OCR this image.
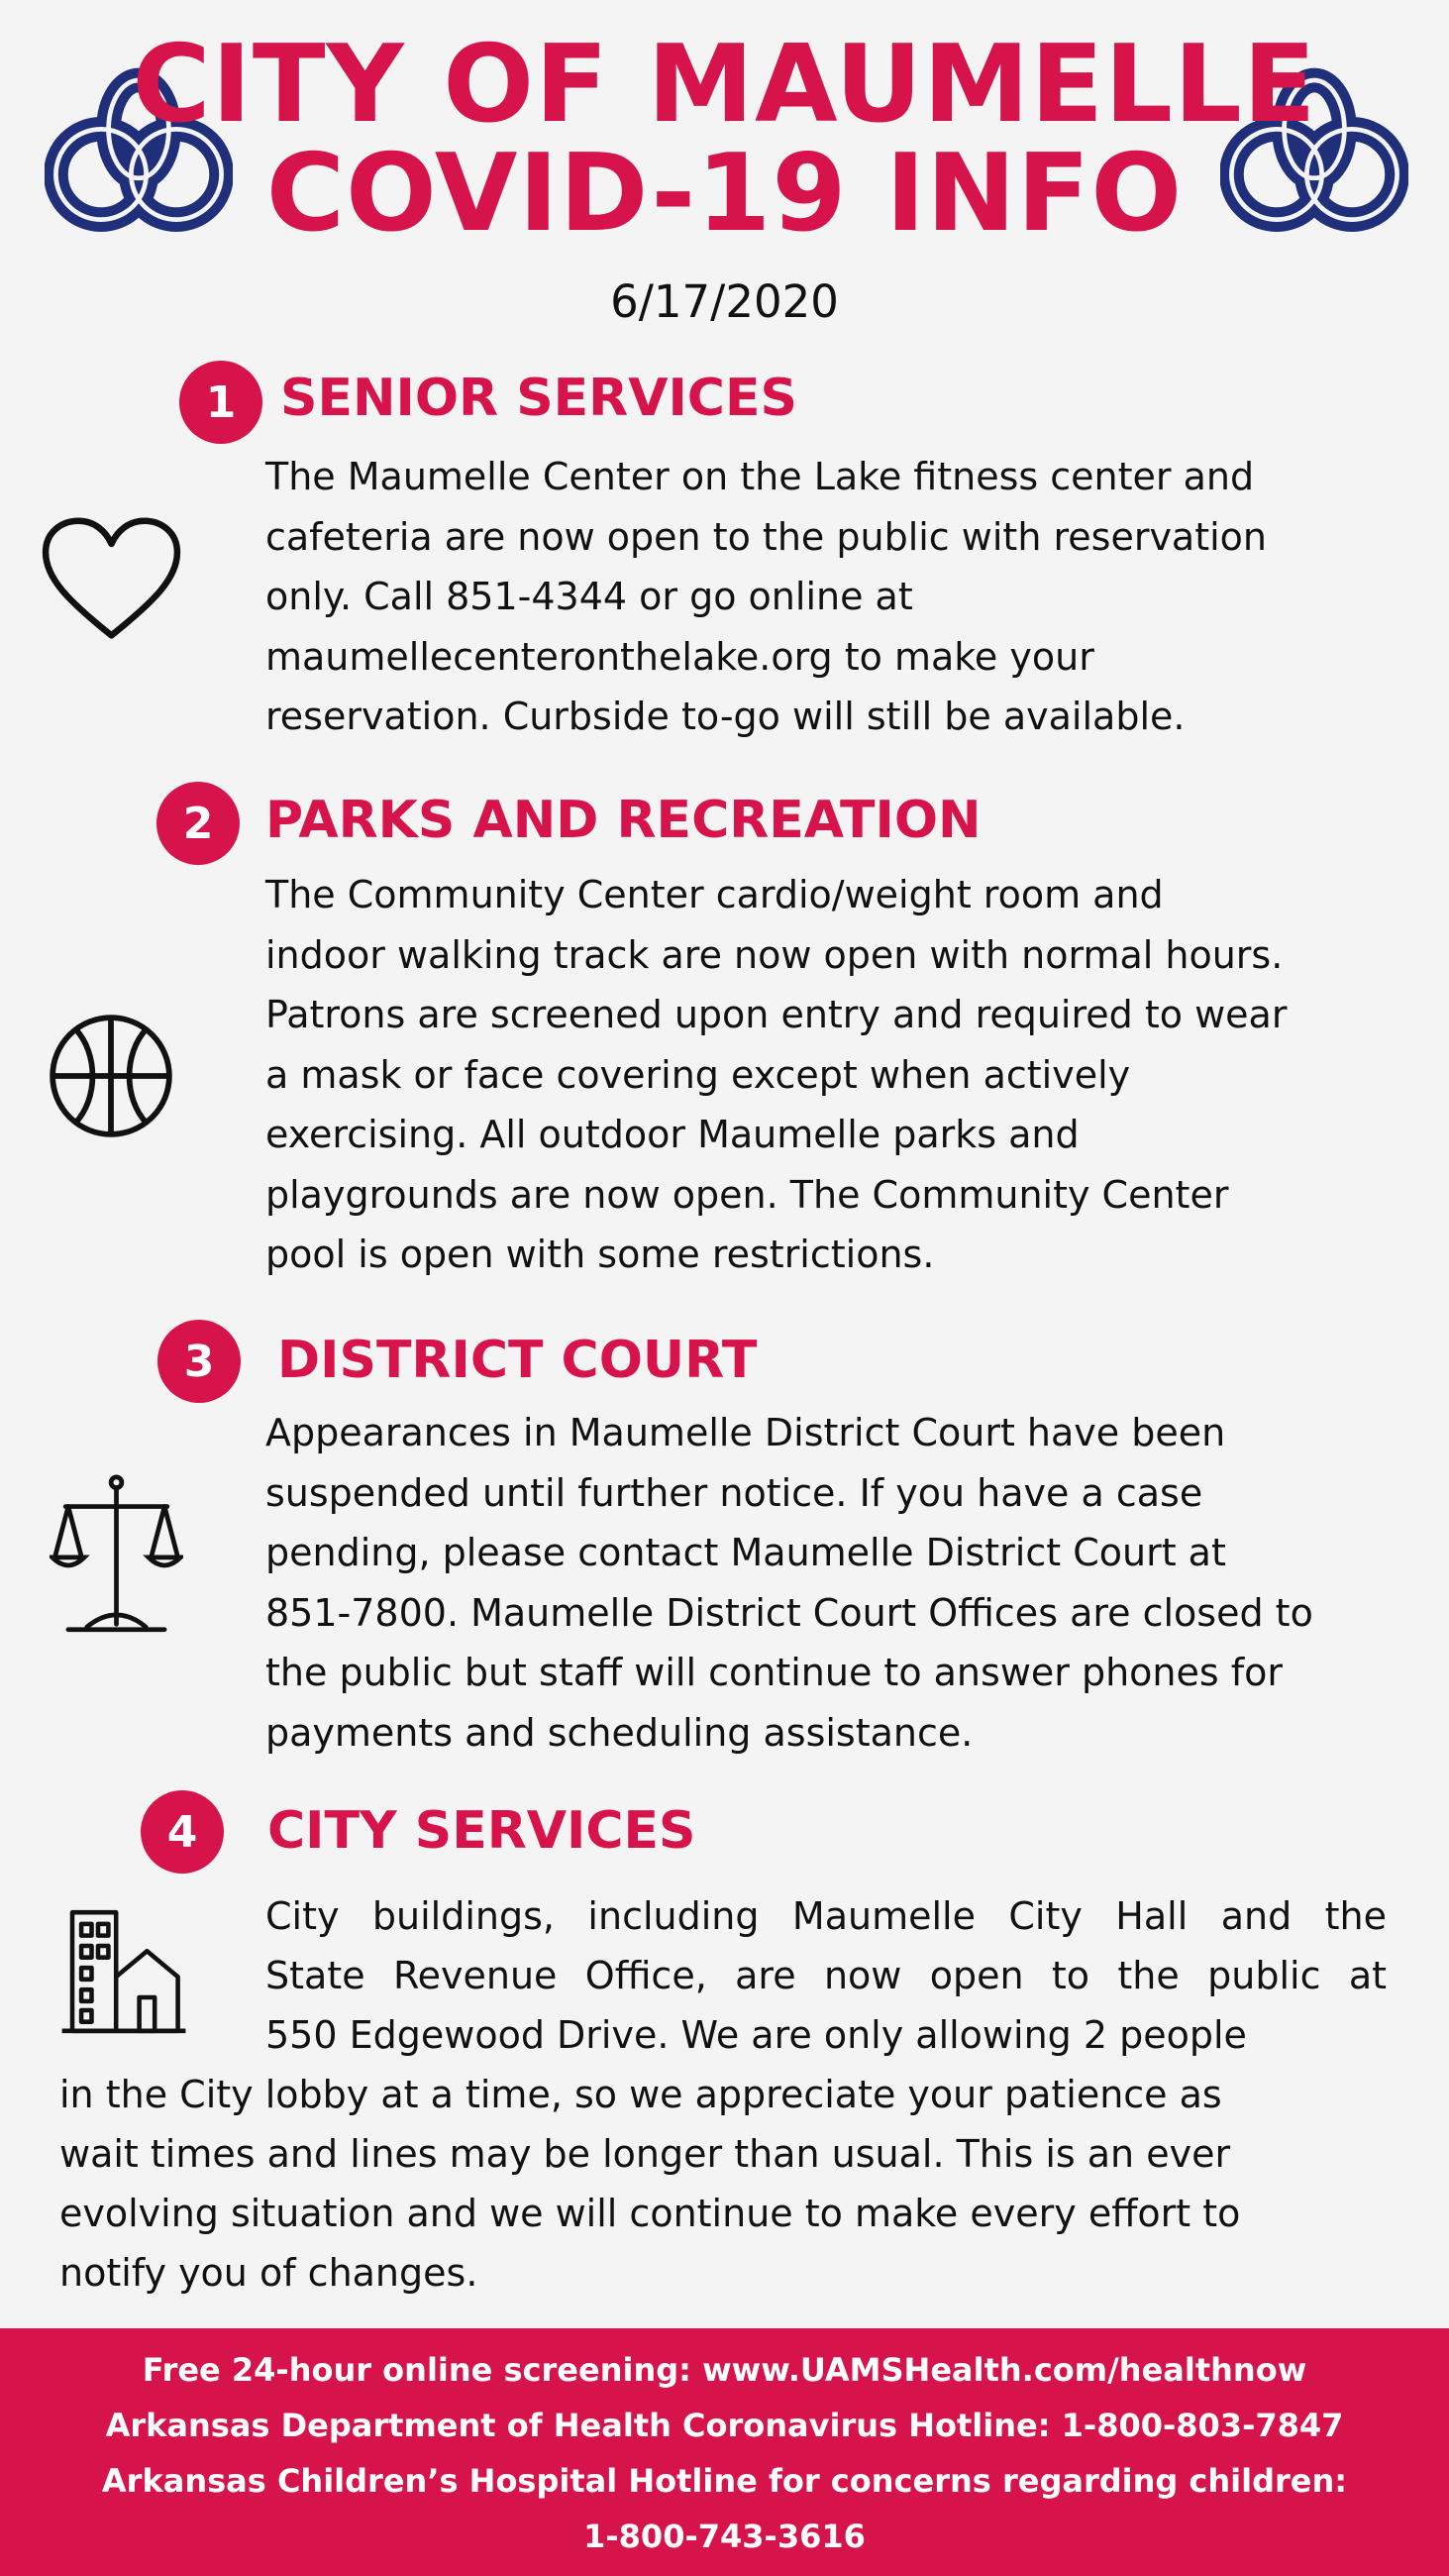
CITY OF MAUMELLE
COVID-19 INFO
6/17/2020
1 SENIOR SERVICES
The Maumelle Center on the Lake fitness center and
cafeteria are now open to the public with reservation
only. Call 851-4344 or go online at
maumellecenteronthelake.org to make your
reservation. Curbside to-go will still be available.
2	PARKS AND RECREATION
The Community Center cardio/weight room and
indoor walking track are now open with normal hours.
Patrons are screened upon entry and required to wear
a mask or face covering except when actively
exercising. All outdoor Maumelle parks and
playgrounds are now open. The Community Center
pool is open with some restrictions.
3	DISTRICT COURT
Appearances in Maumelle District Court have been
suspended until further notice. If you have a case
pending, please contact Maumelle District Court at
851-7800. Maumelle District Court Offices are closed to
the public but staff will continue to answer phones for
payments and scheduling assistance.
4	CITY SERVICES
City buildings, including Maumelle City Hall and the
State Revenue Office, are now open to the public at
550 Edgewood Drive. We are only allowing 2 people
in the City lobby at a time, so we appreciate your patience as
wait times and lines may be longer than usual. This is an ever
evolving situation and we will continue to make every effort to
notify you of changes.
Free 24-hour online screening: www.UAMSHealth.com/healthnow
Arkansas Department of Health Coronavirus Hotline: 1-800-803-7847
Arkansas Children’s Hospital Hotline for concerns regarding children:
1-800-743-3616
